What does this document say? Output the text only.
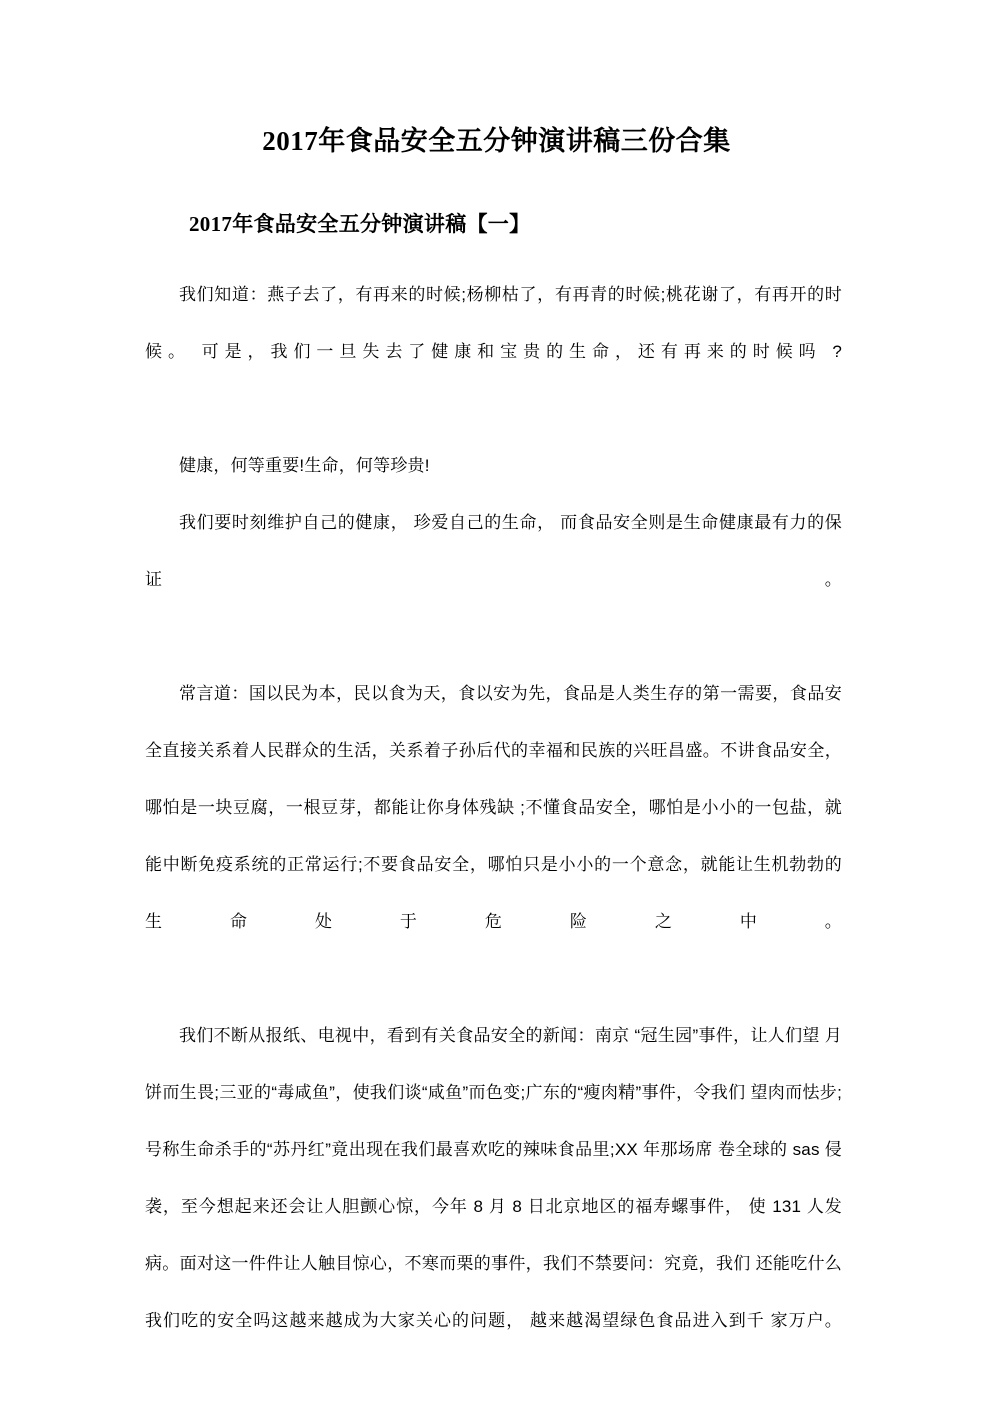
2017年食品安全五分钟演讲稿三份合集
2017年食品安全五分钟演讲稿【一】

我们知道：燕子去了，有再来的时候;杨柳枯了，有再青的时候;桃花谢了，有再开的时候。 可是，我们一旦失去了健康和宝贵的生命，还有再来的时候吗 ?

健康，何等重要!生命，何等珍贵!

我们要时刻维护自己的健康， 珍爱自己的生命， 而食品安全则是生命健康最有力的保证。

常言道：国以民为本，民以食为天，食以安为先，食品是人类生存的第一需要，食品安 全直接关系着人民群众的生活，关系着子孙后代的幸福和民族的兴旺昌盛。不讲食品安全， 哪怕是一块豆腐，一根豆芽，都能让你身体残缺 ;不懂食品安全，哪怕是小小的一包盐，就 能中断免疫系统的正常运行;不要食品安全，哪怕只是小小的一个意念，就能让生机勃勃的 生命处于危险之中。

我们不断从报纸、电视中，看到有关食品安全的新闻：南京 “冠生园”事件，让人们望 月饼而生畏;三亚的“毒咸鱼”，使我们谈“咸鱼”而色变;广东的“瘦肉精”事件，令我们 望肉而怯步;号称生命杀手的“苏丹红”竟出现在我们最喜欢吃的辣味食品里;XX 年那场席 卷全球的 sas 侵袭，至今想起来还会让人胆颤心惊，今年 8 月 8 日北京地区的福寿螺事件， 使 131 人发病。面对这一件件让人触目惊心，不寒而栗的事件，我们不禁要问：究竟，我们 还能吃什么我们吃的安全吗这越来越成为大家关心的问题， 越来越渴望绿色食品进入到千 家万户。
